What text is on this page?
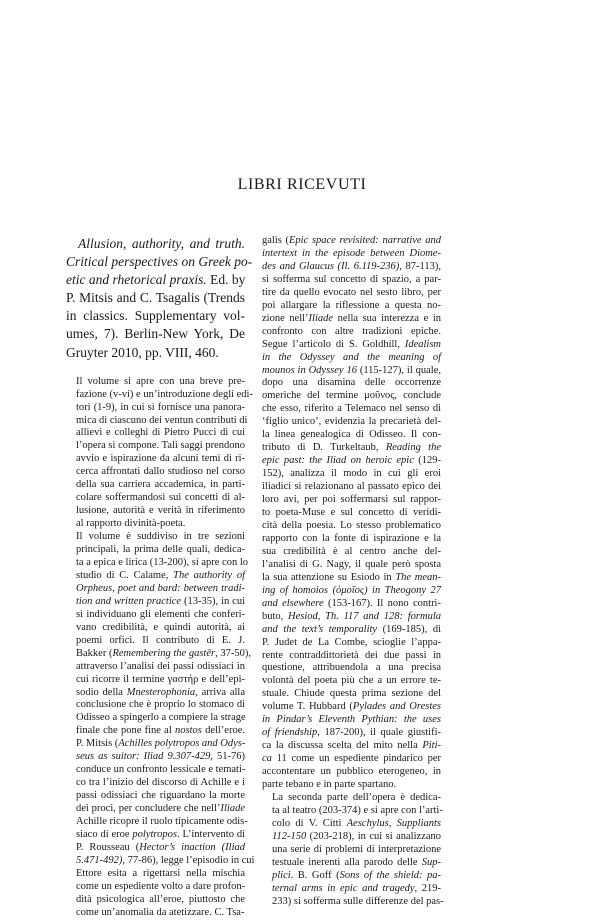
LIBRI RICEVUTI

Allusion, authority, and truth.
Critical perspectives on Greek po-
etic and rhetorical praxis. Ed. by
P. Mitsis and C. Tsagalis (Trends
in classics. Supplementary vol-
umes, 7). Berlin-New York, De
Gruyter 2010, pp. VIII, 460.

Il volume si apre con una breve pre-
fazione (v-vi) e un’introduzione degli edi-
tori (1-9), in cui si fornisce una panora-
mica di ciascuno dei ventun contributi di
allievi e colleghi di Pietro Pucci di cui
l’opera si compone. Tali saggi prendono
avvio e ispirazione da alcuni temi di ri-
cerca affrontati dallo studioso nel corso
della sua carriera accademica, in parti-
colare soffermandosi sui concetti di al-
lusione, autorità e verità in riferimento
al rapporto divinità-poeta.

Il volume è suddiviso in tre sezioni
principali, la prima delle quali, dedica-
ta a epica e lirica (13-200), si apre con lo
studio di C. Calame, The authority of
Orpheus, poet and bard: between tradi-
tion and written practice (13-35), in cui
si individuano gli elementi che conferi-
vano credibilità, e quindi autorità, ai
poemi orfici. Il contributo di E. J.
Bakker (Remembering the gastēr, 37-50),
attraverso l’analisi dei passi odissiaci in
cui ricorre il termine γαστήρ e dell’epi-
sodio della Mnesterophonia, arriva alla
conclusione che è proprio lo stomaco di
Odisseo a spingerlo a compiere la strage
finale che pone fine al nostos dell’eroe.
P. Mitsis (Achilles polytropos and Odys-
seus as suitor: Iliad 9.307-429, 51-76)
conduce un confronto lessicale e temati-
co tra l’inizio del discorso di Achille e i
passi odissiaci che riguardano la morte
dei proci, per concludere che nell’Iliade
Achille ricopre il ruolo tipicamente odis-
siaco di eroe polytropos. L’intervento di
P. Rousseau (Hector’s inaction (Iliad
5.471-492), 77-86), legge l’episodio in cui
Ettore esita a rigettarsi nella mischia
come un espediente volto a dare profon-
dità psicologica all’eroe, piuttosto che
come un’anomalia da atetizzare. C. Tsa-

galis (Epic space revisited: narrative and
intertext in the episode between Diome-
des and Glaucus (Il. 6.119-236), 87-113),
si sofferma sul concetto di spazio, a par-
tire da quello evocato nel sesto libro, per
poi allargare la riflessione a questa no-
zione nell’Iliade nella sua interezza e in
confronto con altre tradizioni epiche.
Segue l’articolo di S. Goldhill, Idealism
in the Odyssey and the meaning of
mounos in Odyssey 16 (115-127), il quale,
dopo una disamina delle occorrenze
omeriche del termine μοῦνος, conclude
che esso, riferito a Telemaco nel senso di
‘figlio unico’, evidenzia la precarietà del-
la linea genealogica di Odisseo. Il con-
tributo di D. Turkeltaub, Reading the
epic past: the Iliad on heroic epic (129-
152), analizza il modo in cui gli eroi
iliadici si relazionano al passato epico dei
loro avi, per poi soffermarsi sul rappor-
to poeta-Muse e sul concetto di veridi-
cità della poesia. Lo stesso problematico
rapporto con la fonte di ispirazione e la
sua credibilità è al centro anche del-
l’analisi di G. Nagy, il quale però sposta
la sua attenzione su Esiodo in The mean-
ing of homoios (ὁμοῖος) in Theogony 27
and elsewhere (153-167). Il nono contri-
buto, Hesiod, Th. 117 and 128: formula
and the text’s temporality (169-185), di
P. Judet de La Combe, scioglie l’appa-
rente contraddittorietà dei due passi in
questione, attribuendola a una precisa
volontà del poeta più che a un errore te-
stuale. Chiude questa prima sezione del
volume T. Hubbard (Pylades and Orestes
in Pindar’s Eleventh Pythian: the uses
of friendship, 187-200), il quale giustifi-
ca la discussa scelta del mito nella Piti-
ca 11 come un espediente pindarico per
accontentare un pubblico eterogeneo, in
parte tebano e in parte spartano.

La seconda parte dell’opera è dedica-
ta al teatro (203-374) e si apre con l’arti-
colo di V. Citti Aeschylus, Suppliants
112-150 (203-218), in cui si analizzano
una serie di problemi di interpretazione
testuale inerenti alla parodo delle Sup-
plici. B. Goff (Sons of the shield: pa-
ternal arms in epic and tragedy, 219-
233) si sofferma sulle differenze del pas-
